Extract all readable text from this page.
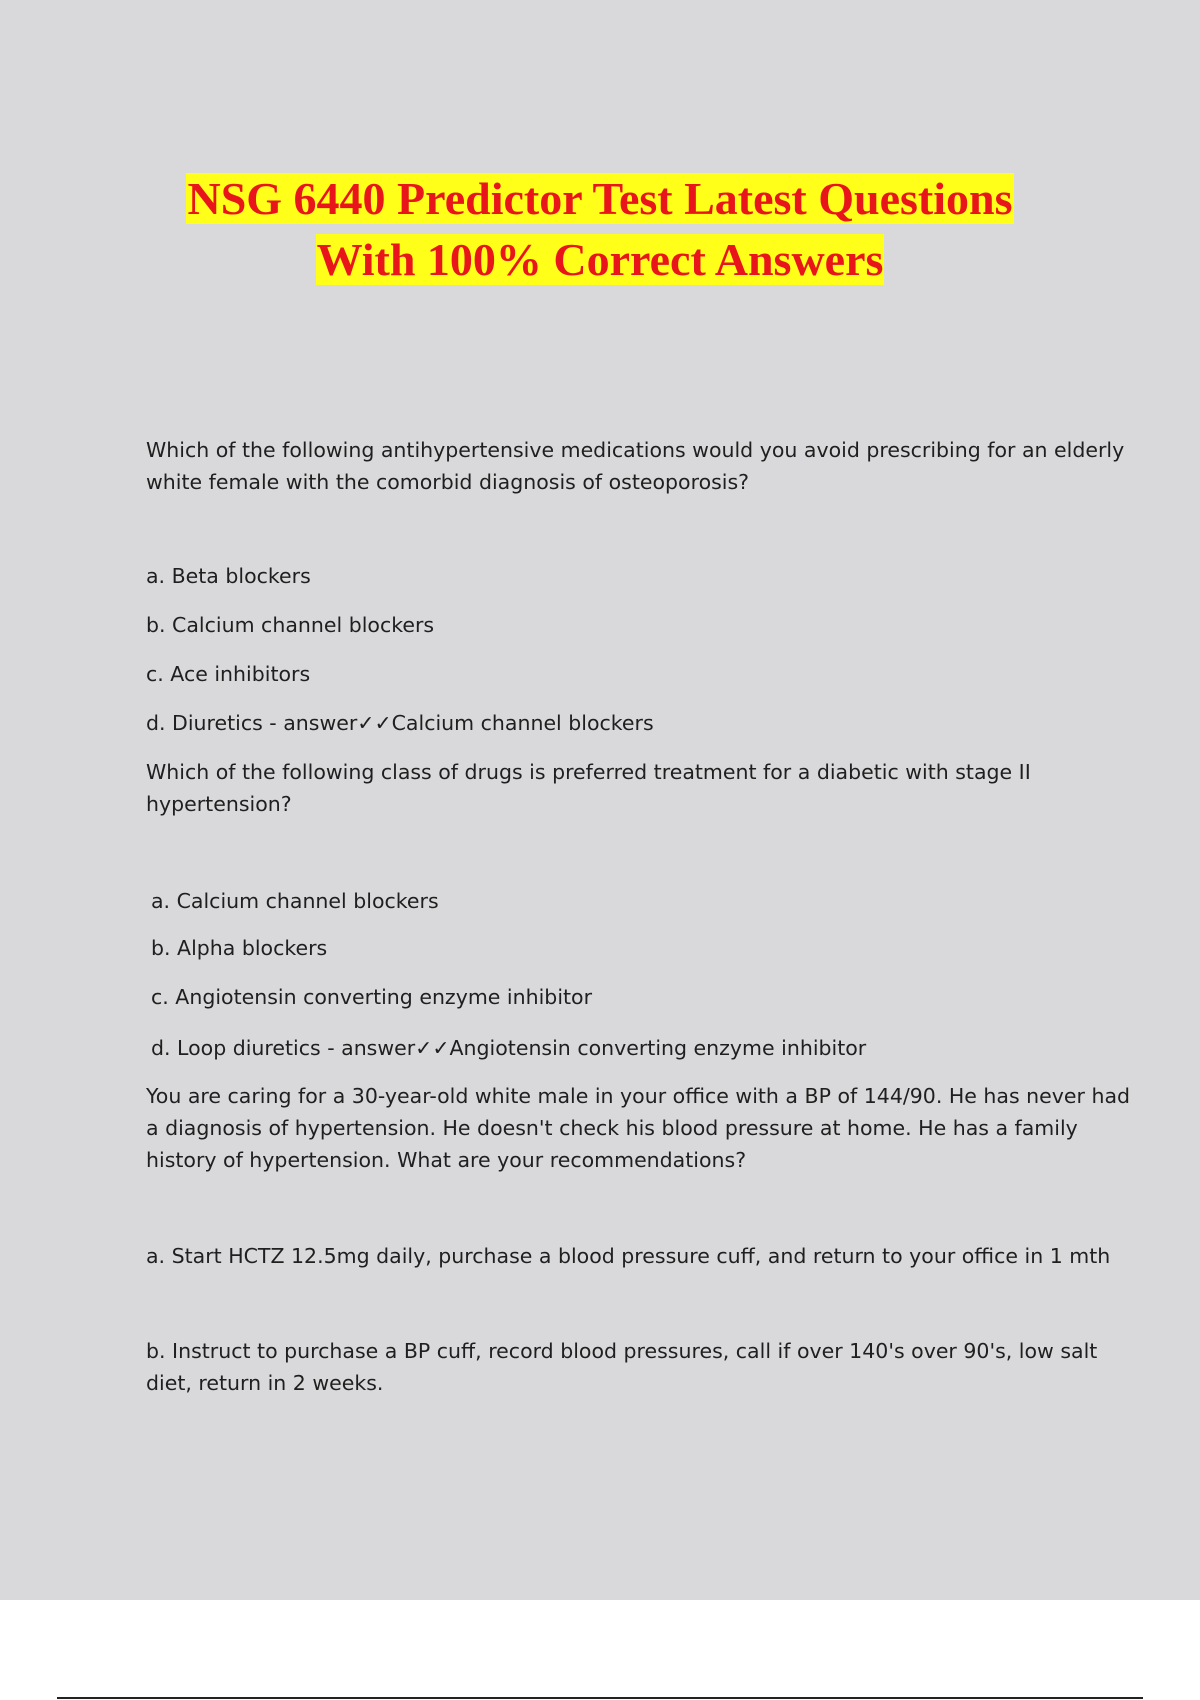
NSG 6440 Predictor Test Latest Questions
With 100% Correct Answers
Which of the following antihypertensive medications would you avoid prescribing for an elderly
white female with the comorbid diagnosis of osteoporosis?
a. Beta blockers
b. Calcium channel blockers
c. Ace inhibitors
d. Diuretics - answer✓✓Calcium channel blockers
Which of the following class of drugs is preferred treatment for a diabetic with stage II
hypertension?
a. Calcium channel blockers
b. Alpha blockers
c. Angiotensin converting enzyme inhibitor
d. Loop diuretics - answer✓✓Angiotensin converting enzyme inhibitor
You are caring for a 30-year-old white male in your office with a BP of 144/90. He has never had
a diagnosis of hypertension. He doesn't check his blood pressure at home. He has a family
history of hypertension. What are your recommendations?
a. Start HCTZ 12.5mg daily, purchase a blood pressure cuff, and return to your office in 1 mth
b. Instruct to purchase a BP cuff, record blood pressures, call if over 140's over 90's, low salt
diet, return in 2 weeks.
